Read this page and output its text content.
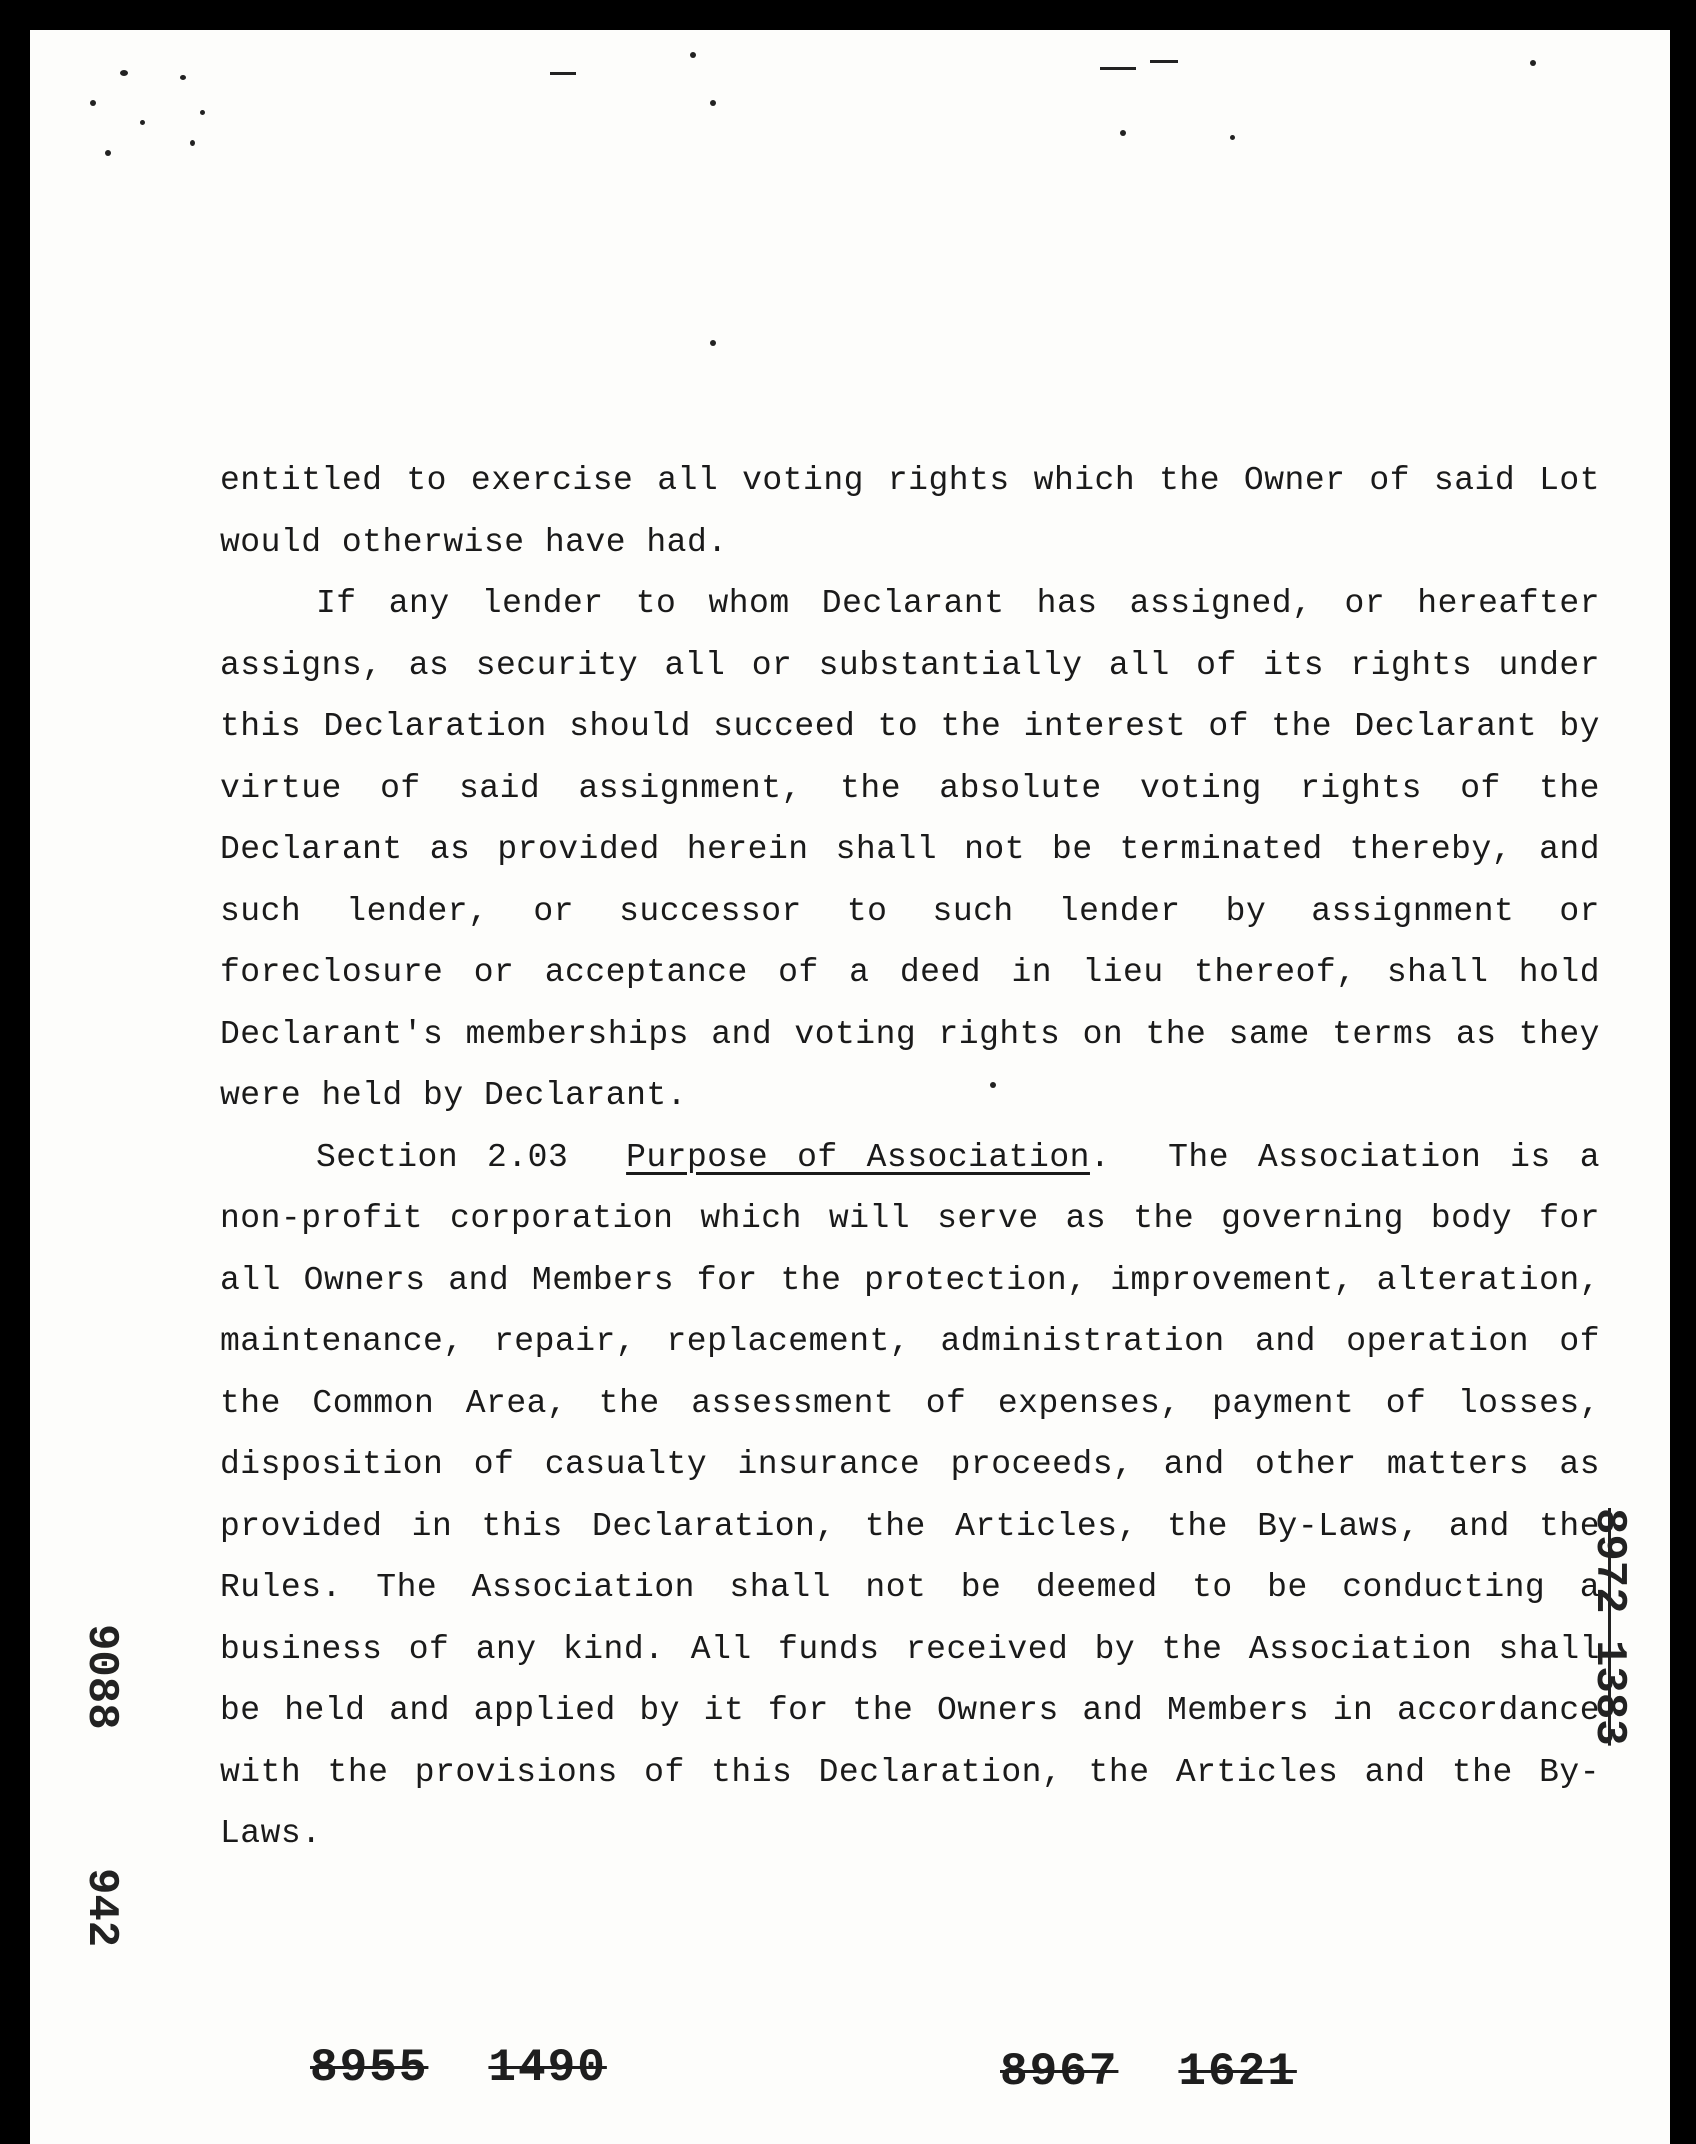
entitled to exercise all voting rights which the Owner of said Lot would otherwise have had.

If any lender to whom Declarant has assigned, or hereafter assigns, as security all or substantially all of its rights under this Declaration should succeed to the interest of the Declarant by virtue of said assignment, the absolute voting rights of the Declarant as provided herein shall not be terminated thereby, and such lender, or successor to such lender by assignment or foreclosure or acceptance of a deed in lieu thereof, shall hold Declarant's memberships and voting rights on the same terms as they were held by Declarant.

Section 2.03 Purpose of Association. The Association is a non-profit corporation which will serve as the governing body for all Owners and Members for the protection, improvement, alteration, maintenance, repair, replacement, administration and operation of the Common Area, the assessment of expenses, payment of losses, disposition of casualty insurance proceeds, and other matters as provided in this Declaration, the Articles, the By-Laws, and the Rules. The Association shall not be deemed to be conducting a business of any kind. All funds received by the Association shall be held and applied by it for the Owners and Members in accordance with the provisions of this Declaration, the Articles and the By-Laws.

9088
942
8972 1383
8955 1490	8967 1621
